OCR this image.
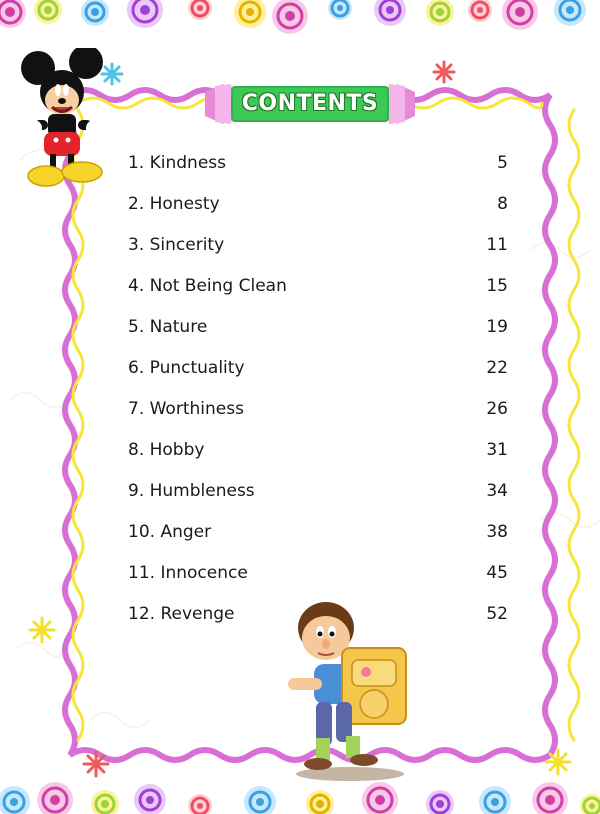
CONTENTS
1. Kindness	5
2. Honesty	8
3. Sincerity	11
4. Not Being Clean	15
5. Nature	19
6. Punctuality	22
7. Worthiness	26
8. Hobby	31
9. Humbleness	34
10. Anger	38
11. Innocence	45
12. Revenge	52
